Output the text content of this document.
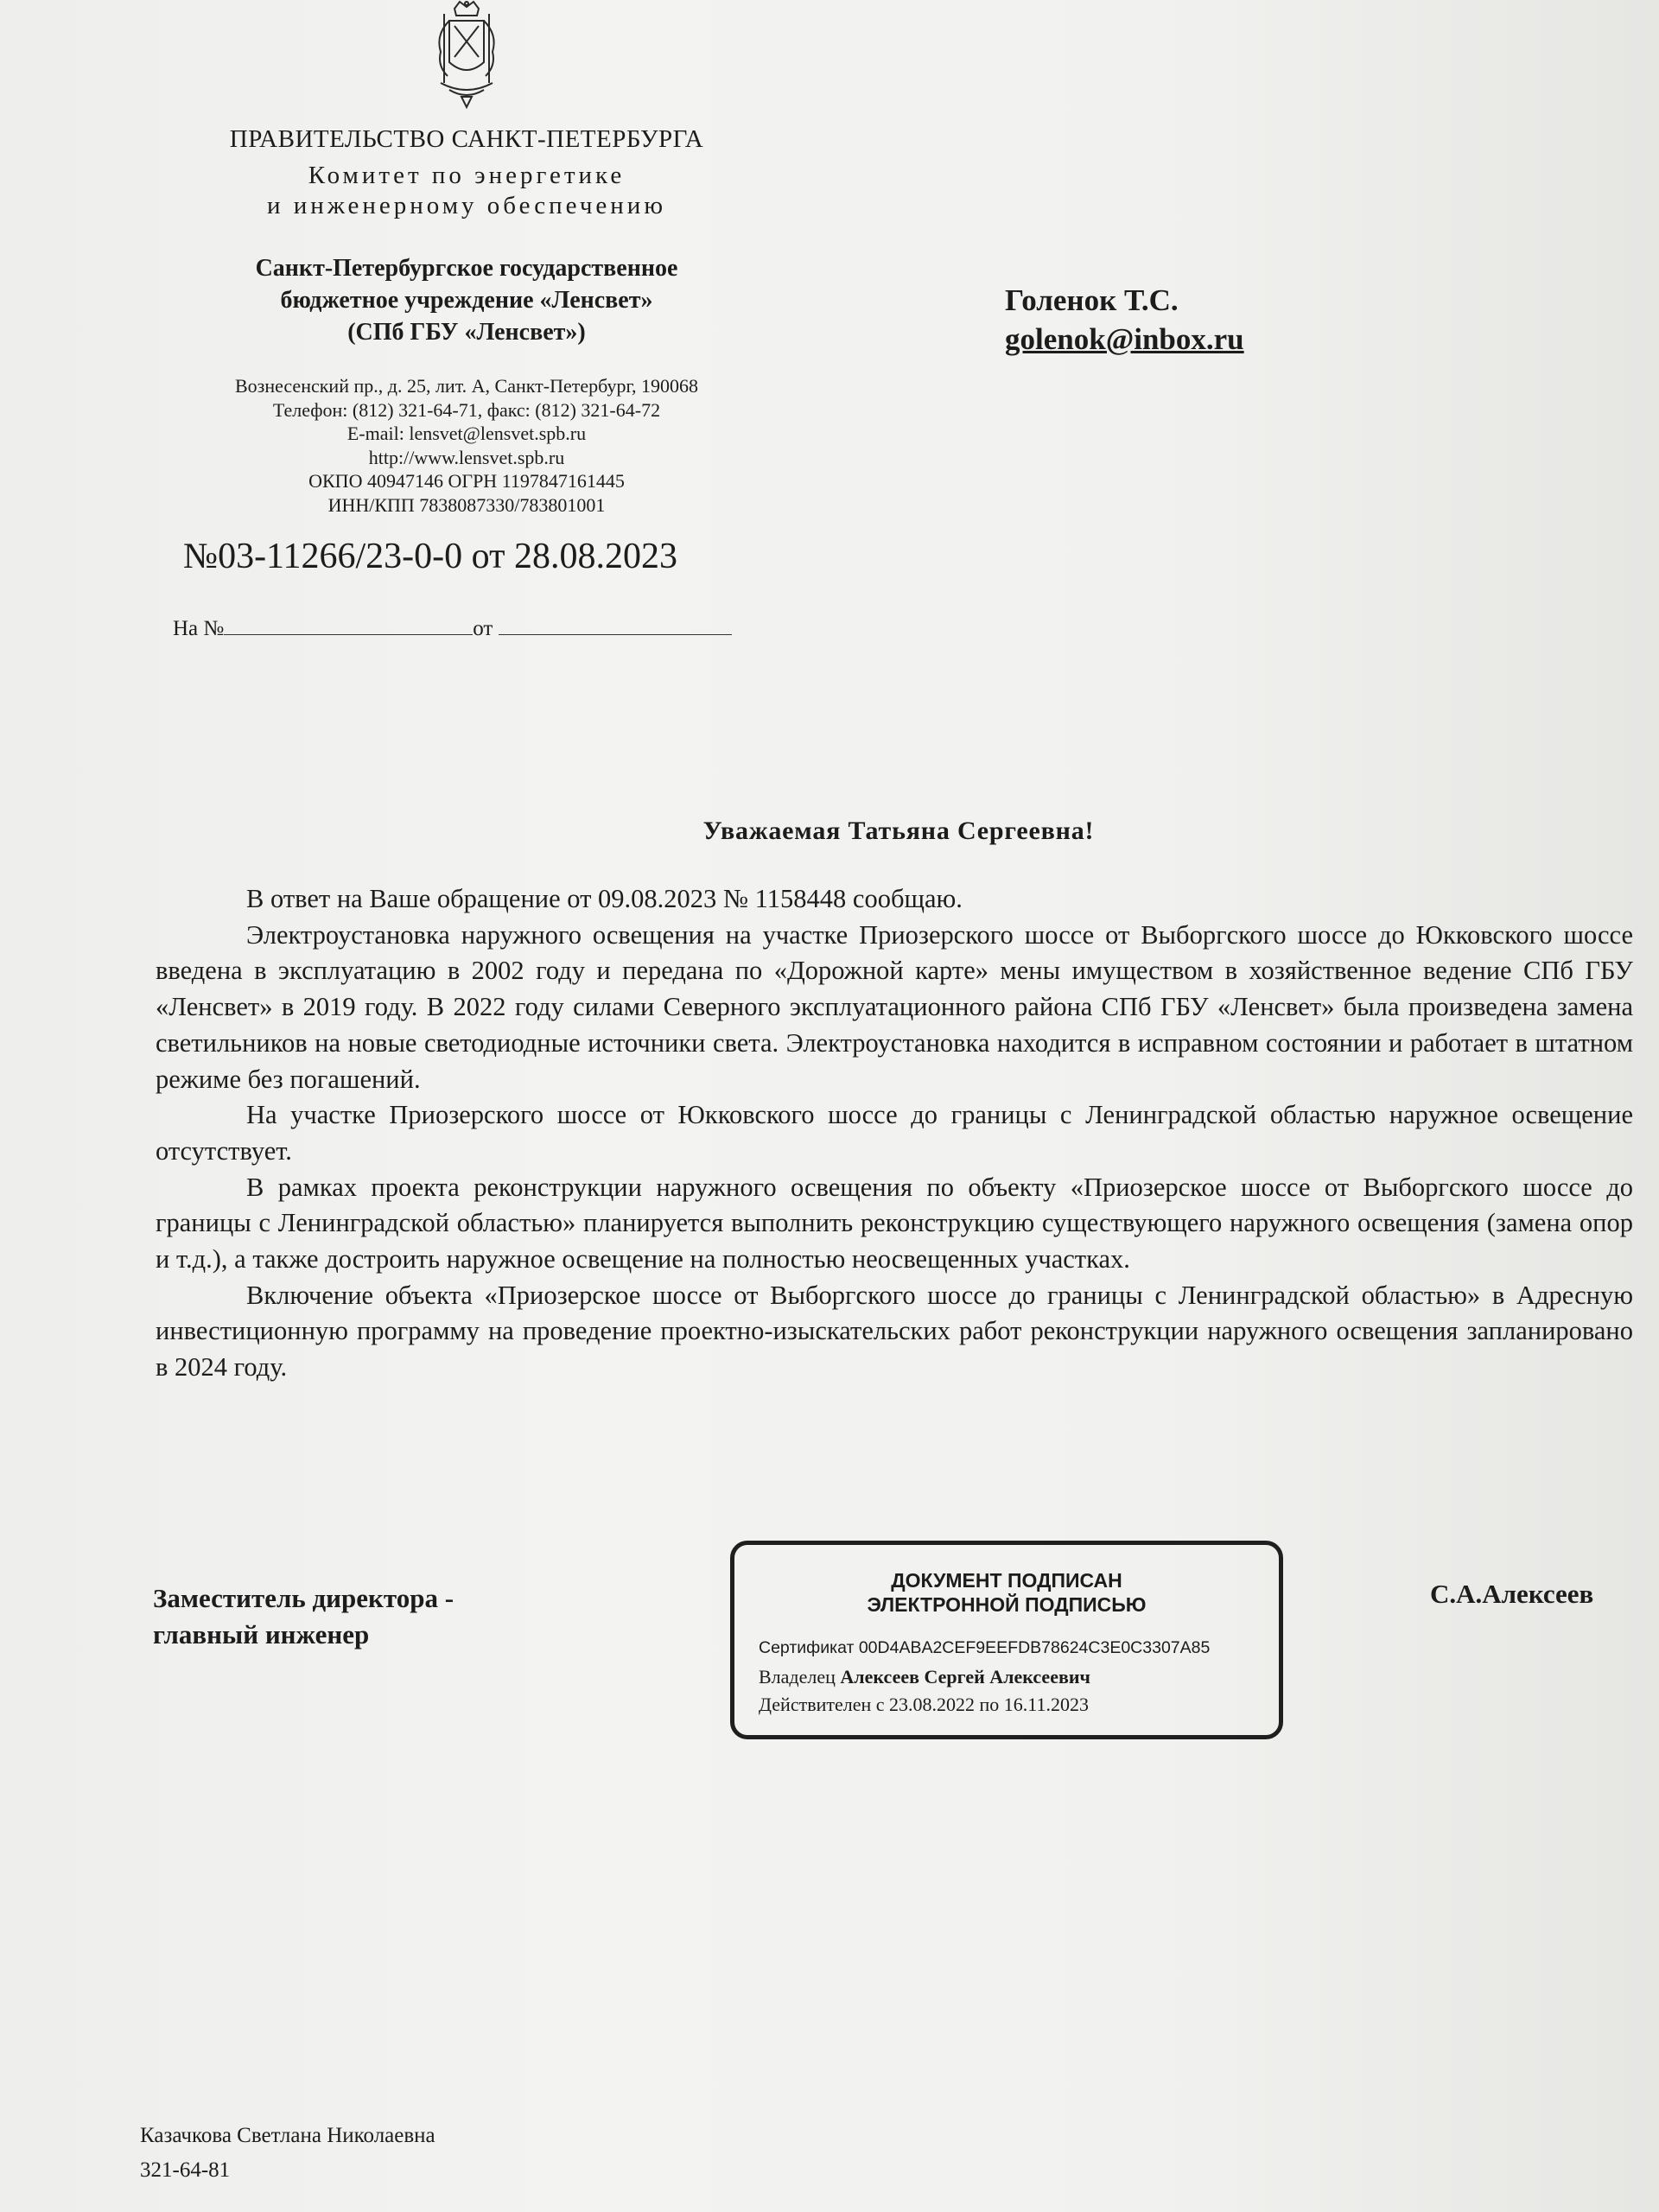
ПРАВИТЕЛЬСТВО САНКТ-ПЕТЕРБУРГА
Комитет по энергетике
и инженерному обеспечению
Санкт-Петербургское государственное
бюджетное учреждение «Ленсвет»
(СПб ГБУ «Ленсвет»)
Вознесенский пр., д. 25, лит. А, Санкт-Петербург, 190068
Телефон: (812) 321-64-71, факс: (812) 321-64-72
E-mail: lensvet@lensvet.spb.ru
http://www.lensvet.spb.ru
ОКПО 40947146 ОГРН 1197847161445
ИНН/КПП 7838087330/783801001
№03-11266/23-0-0 от 28.08.2023
На №	от
Голенок Т.С.
golenok@inbox.ru
Уважаемая Татьяна Сергеевна!

В ответ на Ваше обращение от 09.08.2023 № 1158448 сообщаю.

Электроустановка наружного освещения на участке Приозерского шоссе от Выборгского шоссе до Юкковского шоссе введена в эксплуатацию в 2002 году и передана по «Дорожной карте» мены имуществом в хозяйственное ведение СПб ГБУ «Ленсвет» в 2019 году. В 2022 году силами Северного эксплуатационного района СПб ГБУ «Ленсвет» была произведена замена светильников на новые светодиодные источники света. Электроустановка находится в исправном состоянии и работает в штатном режиме без погашений.

На участке Приозерского шоссе от Юкковского шоссе до границы с Ленинградской областью наружное освещение отсутствует.

В рамках проекта реконструкции наружного освещения по объекту «Приозерское шоссе от Выборгского шоссе до границы с Ленинградской областью» планируется выполнить реконструкцию существующего наружного освещения (замена опор и т.д.), а также достроить наружное освещение на полностью неосвещенных участках.

Включение объекта «Приозерское шоссе от Выборгского шоссе до границы с Ленинградской областью» в Адресную инвестиционную программу на проведение проектно-изыскательских работ реконструкции наружного освещения запланировано в 2024 году.

Заместитель директора -
главный инженер
ДОКУМЕНТ ПОДПИСАН
ЭЛЕКТРОННОЙ ПОДПИСЬЮ
Сертификат 00D4ABA2CEF9EEFDB78624C3E0C3307A85
Владелец Алексеев Сергей Алексеевич
Действителен с 23.08.2022 по 16.11.2023
С.А.Алексеев
Казачкова Светлана Николаевна
321-64-81
